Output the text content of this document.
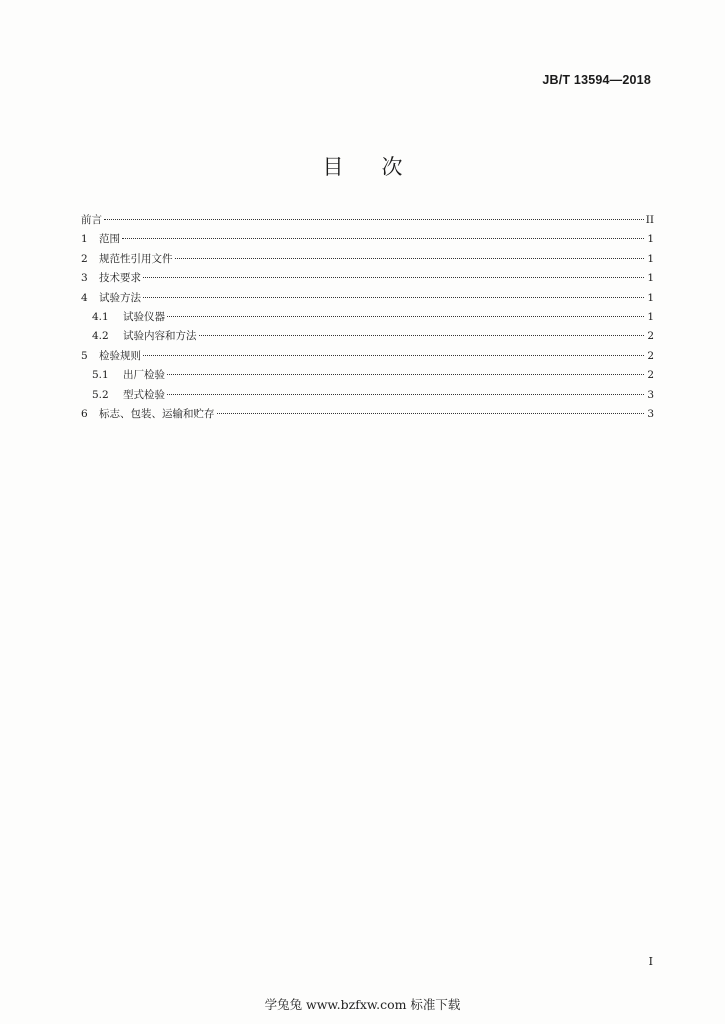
JB/T 13594—2018
目次
前言	II
1	范围	1
2	规范性引用文件	1
3	技术要求	1
4	试验方法	1
4.1	试验仪器	1
4.2	试验内容和方法	2
5	检验规则	2
5.1	出厂检验	2
5.2	型式检验	3
6	标志、包装、运输和贮存	3
I
学兔兔 www.bzfxw.com 标准下载
